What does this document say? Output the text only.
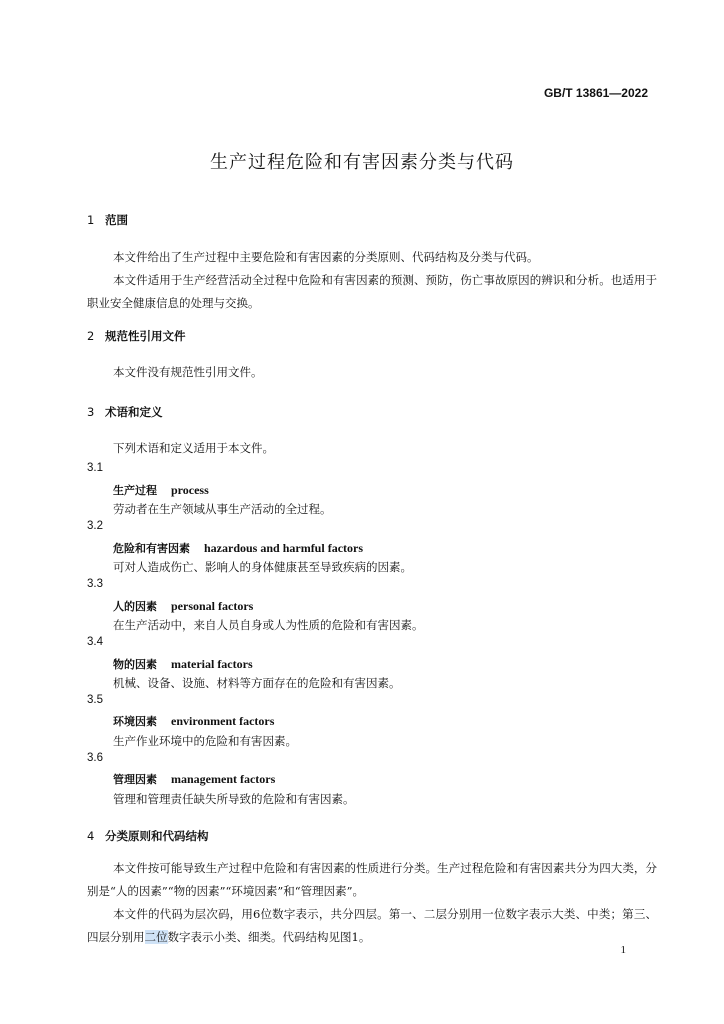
GB/T 13861—2022
生产过程危险和有害因素分类与代码
1 范围
本文件给出了生产过程中主要危险和有害因素的分类原则、代码结构及分类与代码。
本文件适用于生产经营活动全过程中危险和有害因素的预测、预防，伤亡事故原因的辨识和分析。也适用于职业安全健康信息的处理与交换。
2 规范性引用文件
本文件没有规范性引用文件。
3 术语和定义
下列术语和定义适用于本文件。
3.1
生产过程 process
劳动者在生产领域从事生产活动的全过程。
3.2
危险和有害因素 hazardous and harmful factors
可对人造成伤亡、影响人的身体健康甚至导致疾病的因素。
3.3
人的因素 personal factors
在生产活动中，来自人员自身或人为性质的危险和有害因素。
3.4
物的因素 material factors
机械、设备、设施、材料等方面存在的危险和有害因素。
3.5
环境因素 environment factors
生产作业环境中的危险和有害因素。
3.6
管理因素 management factors
管理和管理责任缺失所导致的危险和有害因素。
4 分类原则和代码结构
本文件按可能导致生产过程中危险和有害因素的性质进行分类。生产过程危险和有害因素共分为四大类，分别是“人的因素”“物的因素”“环境因素”和“管理因素”。
本文件的代码为层次码，用6位数字表示，共分四层。第一、二层分别用一位数字表示大类、中类；第三、四层分别用二位数字表示小类、细类。代码结构见图1。
1
